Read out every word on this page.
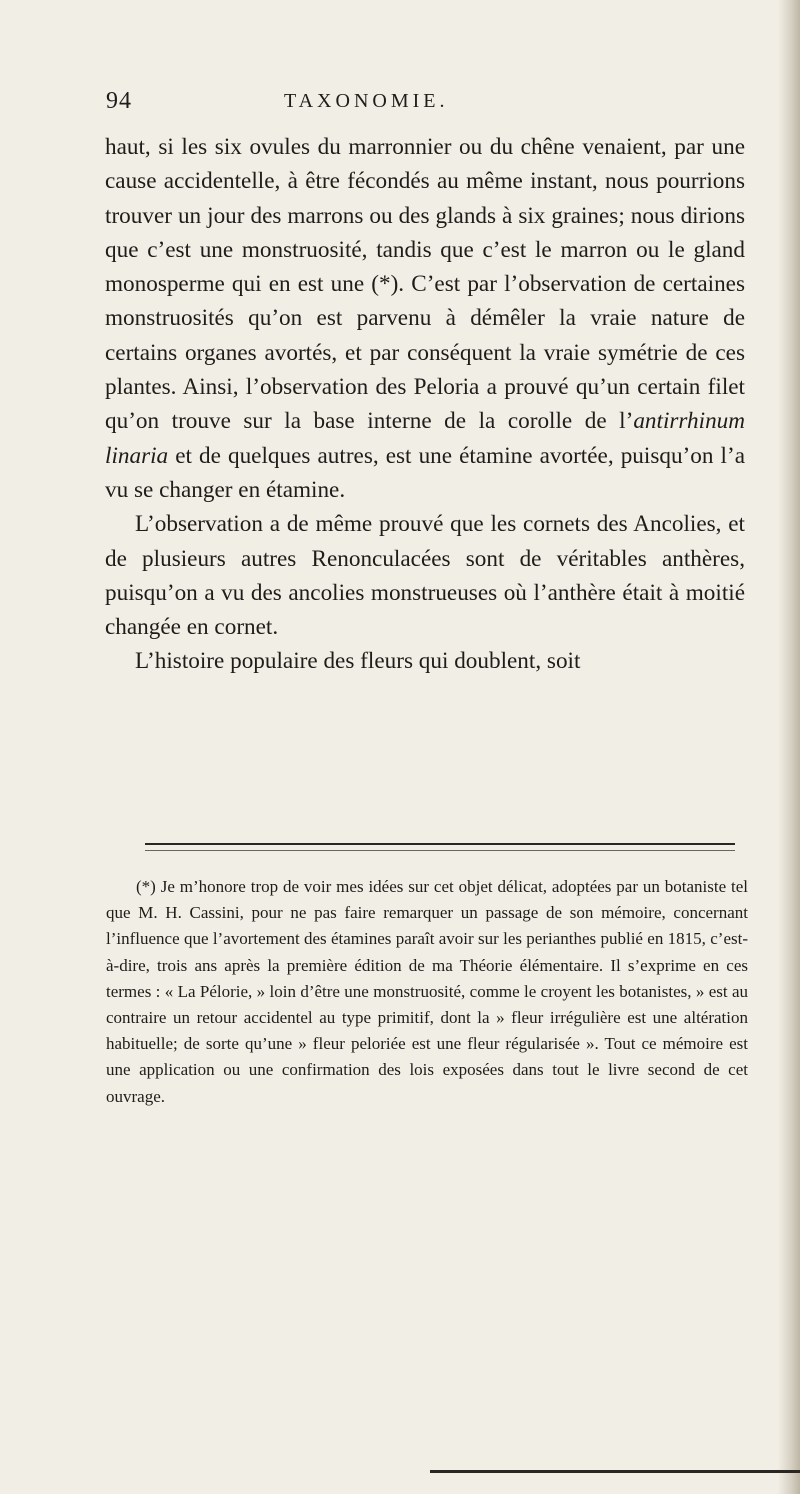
94	TAXONOMIE.

haut, si les six ovules du marronnier ou du chêne venaient, par une cause accidentelle, à être fécondés au même instant, nous pourrions trouver un jour des marrons ou des glands à six graines; nous dirions que c’est une monstruosité, tandis que c’est le marron ou le gland monosperme qui en est une (*). C’est par l’observation de certaines monstruosités qu’on est parvenu à démêler la vraie nature de certains organes avortés, et par conséquent la vraie symétrie de ces plantes. Ainsi, l’observation des Peloria a prouvé qu’un certain filet qu’on trouve sur la base interne de la corolle de l’antirrhinum linaria et de quelques autres, est une étamine avortée, puisqu’on l’a vu se changer en étamine.

L’observation a de même prouvé que les cornets des Ancolies, et de plusieurs autres Renonculacées sont de véritables anthères, puisqu’on a vu des ancolies monstrueuses où l’anthère était à moitié changée en cornet.

L’histoire populaire des fleurs qui doublent, soit

(*) Je m’honore trop de voir mes idées sur cet objet délicat, adoptées par un botaniste tel que M. H. Cassini, pour ne pas faire remarquer un passage de son mémoire, concernant l’influence que l’avortement des étamines paraît avoir sur les perianthes publié en 1815, c’est-à-dire, trois ans après la première édition de ma Théorie élémentaire. Il s’exprime en ces termes : « La Pélorie, » loin d’être une monstruosité, comme le croyent les botanistes, » est au contraire un retour accidentel au type primitif, dont la » fleur irrégulière est une altération habituelle; de sorte qu’une » fleur peloriée est une fleur régularisée ». Tout ce mémoire est une application ou une confirmation des lois exposées dans tout le livre second de cet ouvrage.
